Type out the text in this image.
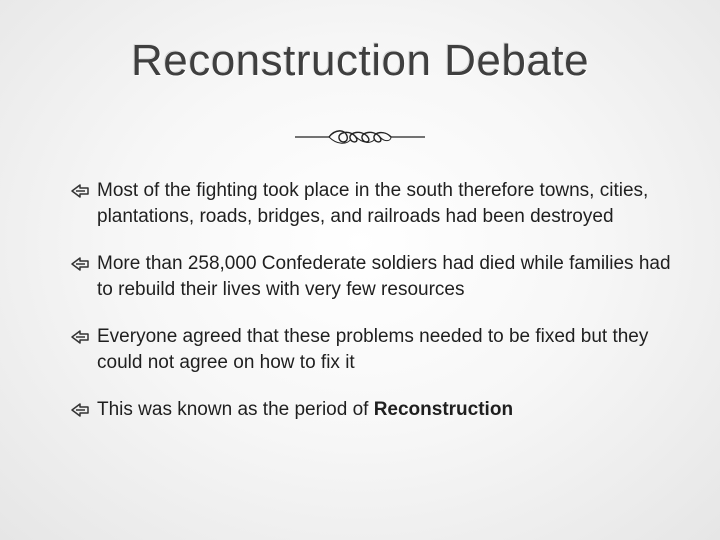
Reconstruction Debate
Most of the fighting took place in the south therefore towns, cities, plantations, roads, bridges, and railroads had been destroyed
More than 258,000 Confederate soldiers had died while families had to rebuild their lives with very few resources
Everyone agreed that these problems needed to be fixed but they could not agree on how to fix it
This was known as the period of Reconstruction
